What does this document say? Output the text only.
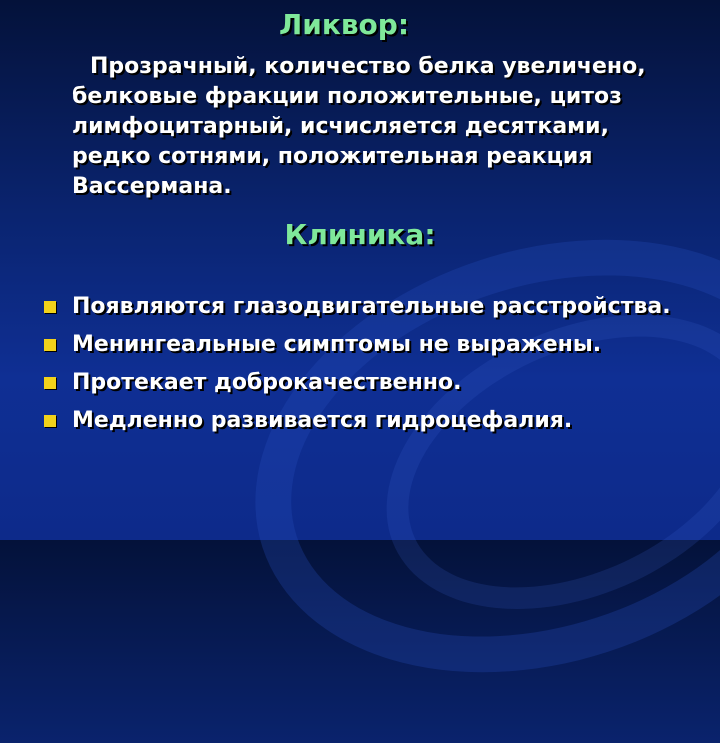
Ликвор:
Прозрачный, количество белка увеличено, белковые фракции положительные, цитоз лимфоцитарный, исчисляется десятками, редко сотнями, положительная реакция Вассермана.
Клиника:
Появляются глазодвигательные расстройства.
Менингеальные симптомы не выражены.
Протекает доброкачественно.
Медленно развивается гидроцефалия.
